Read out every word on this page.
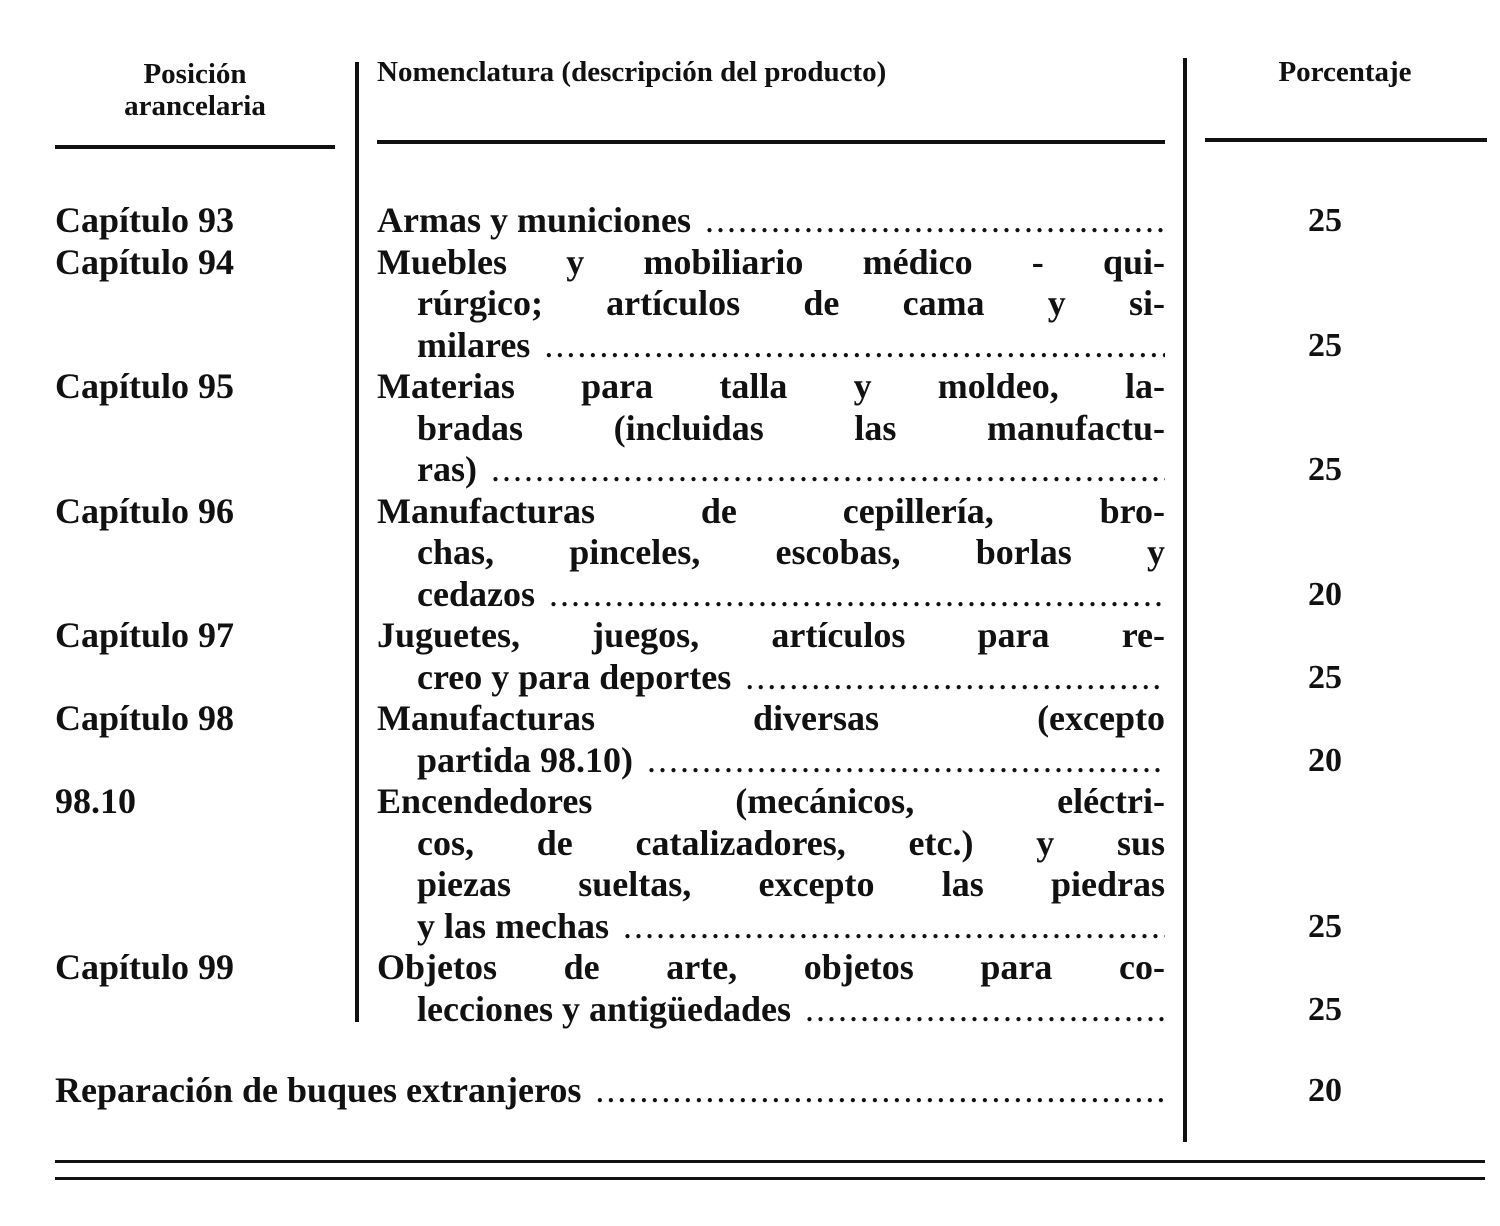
Posición
arancelaria
Nomenclatura (descripción del producto)	Porcentaje
Capítulo 93	Armas y municiones .....	25
Capítulo 94	Muebles y mobiliario médico - qui-
rúrgico; artículos de cama y si-
milares .....	25
Capítulo 95	Materias para talla y moldeo, la-
bradas (incluidas las manufactu-
ras) .....	25
Capítulo 96	Manufacturas de cepillería, bro-
chas, pinceles, escobas, borlas y
cedazos .....	20
Capítulo 97	Juguetes, juegos, artículos para re-
creo y para deportes .....	25
Capítulo 98	Manufacturas diversas (excepto
partida 98.10) .....	20
98.10	Encendedores (mecánicos, eléctri-
cos, de catalizadores, etc.) y sus
piezas sueltas, excepto las piedras
y las mechas .....	25
Capítulo 99	Objetos de arte, objetos para co-
lecciones y antigüedades .....	25
Reparación de buques extranjeros .....	20
